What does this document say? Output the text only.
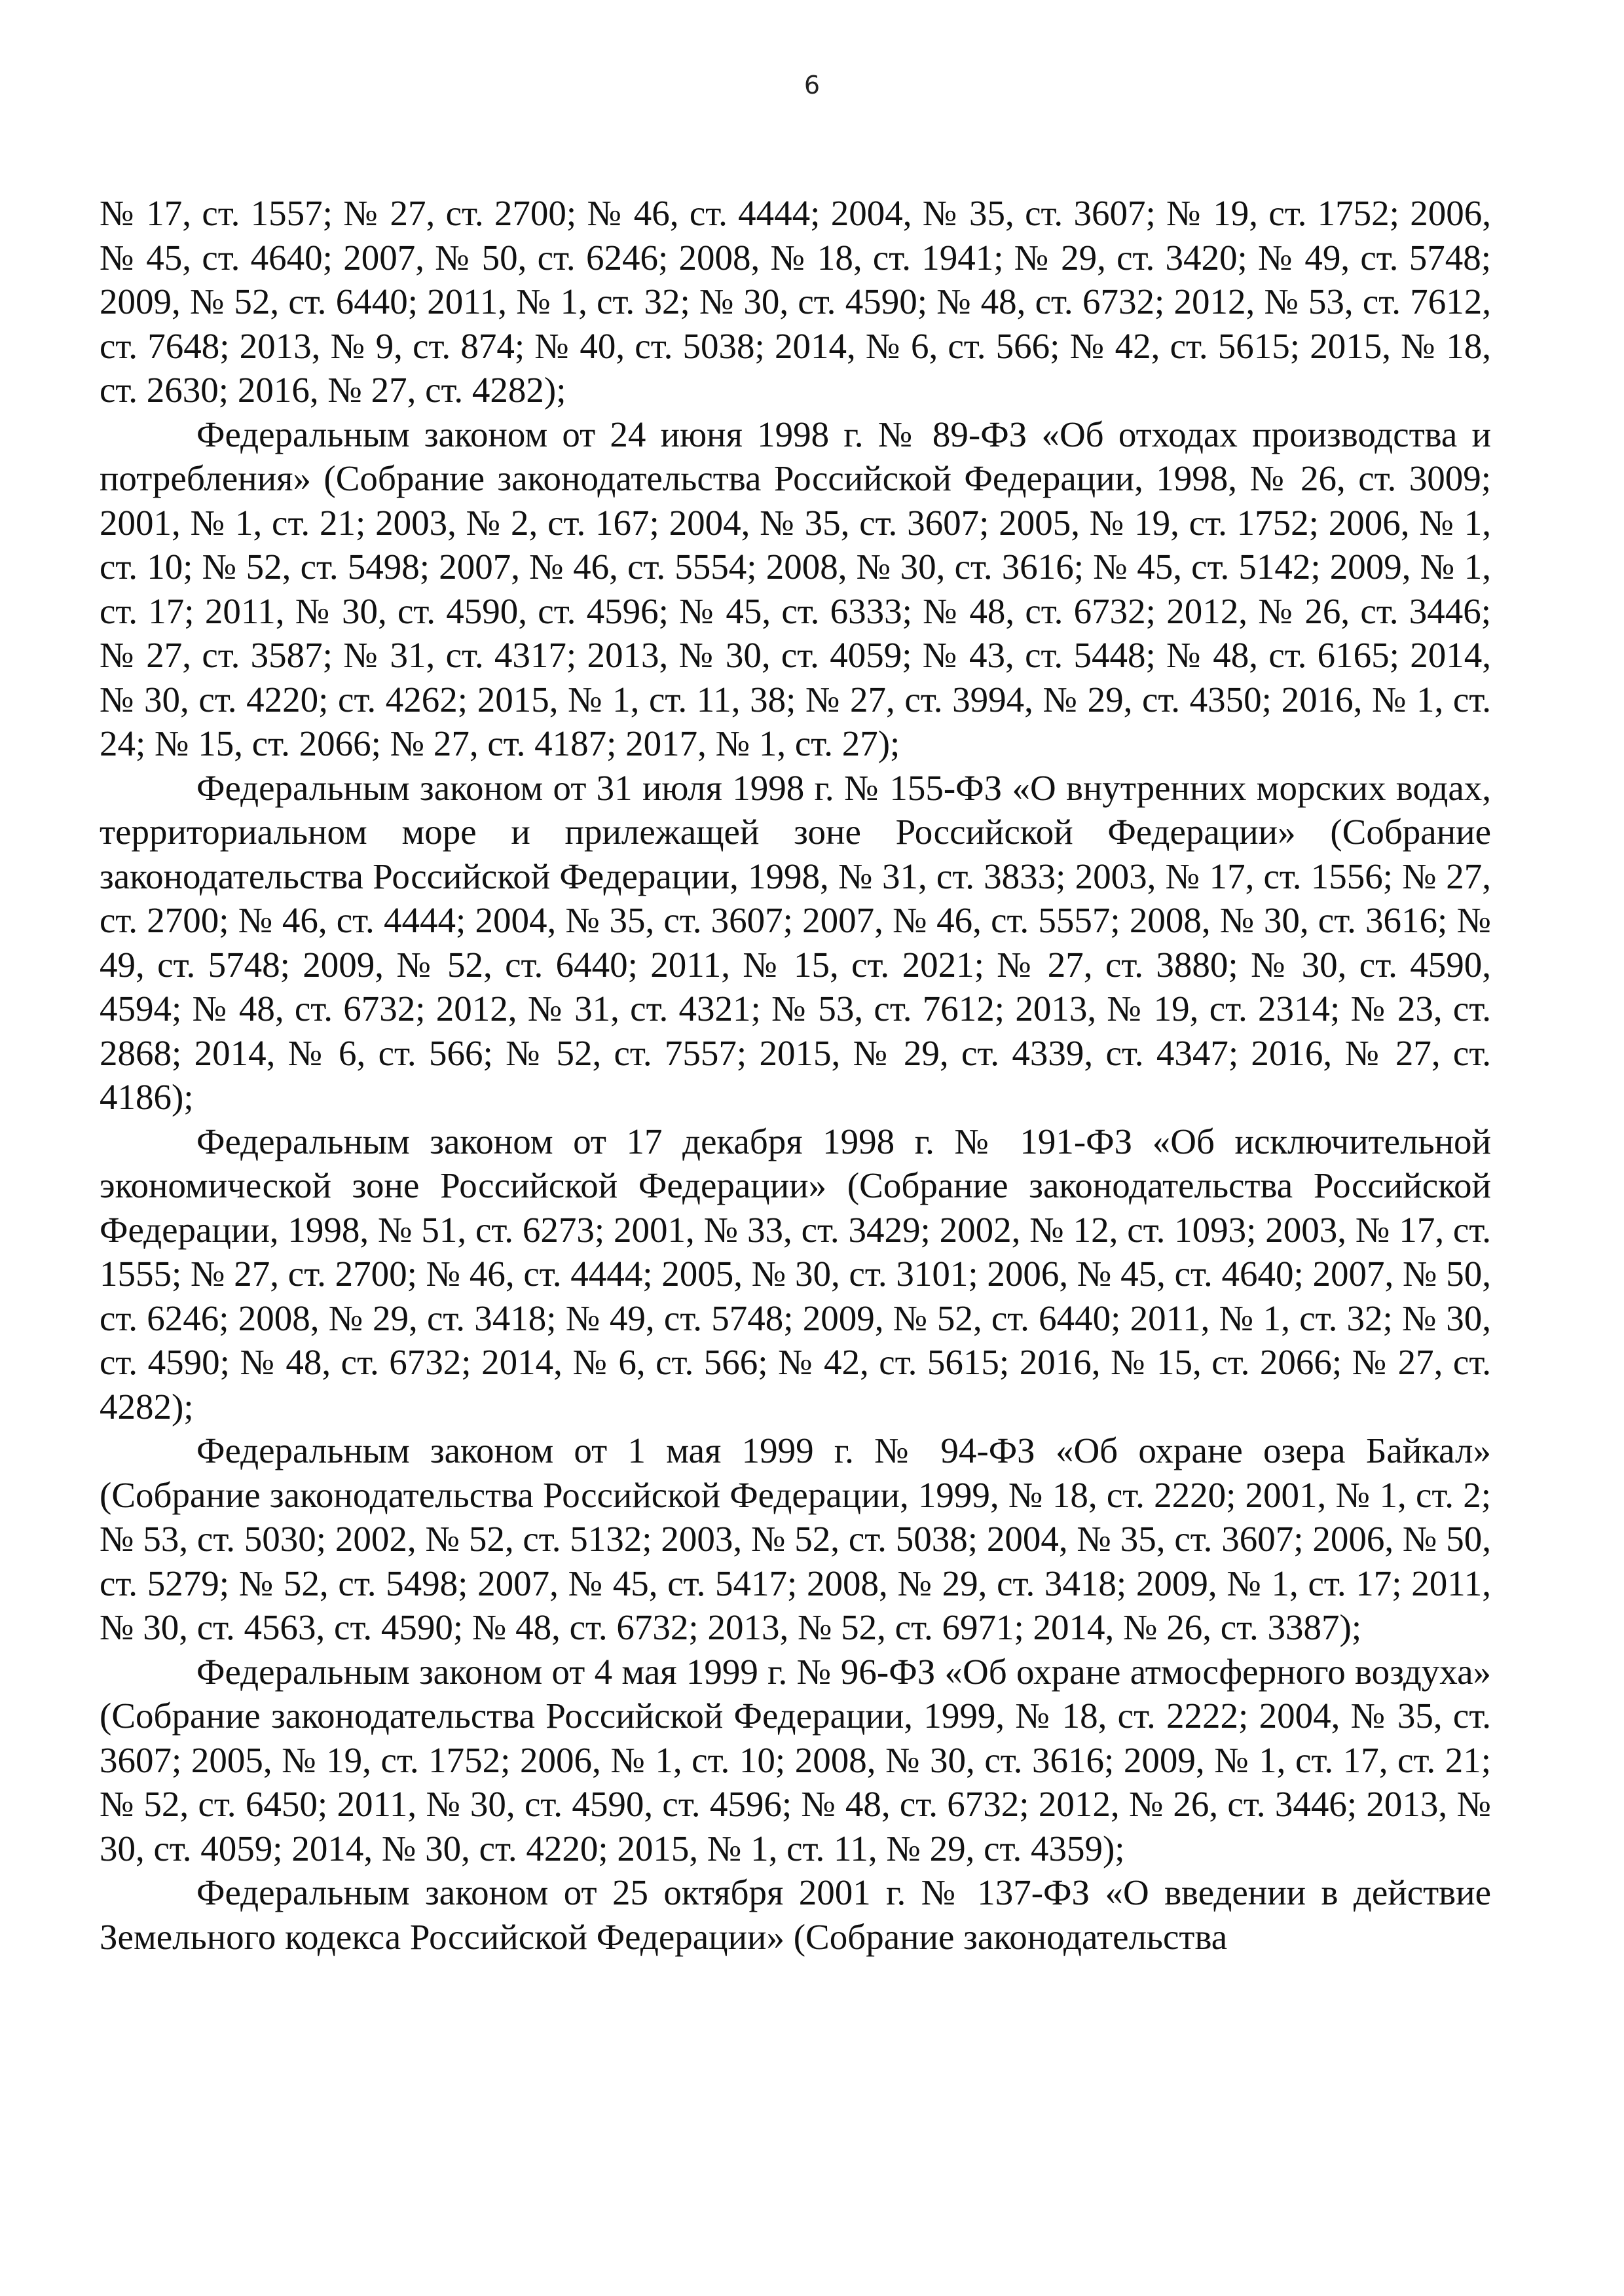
6

№ 17, ст. 1557; № 27, ст. 2700; № 46, ст. 4444; 2004, № 35, ст. 3607; № 19, ст. 1752; 2006, № 45, ст. 4640; 2007, № 50, ст. 6246; 2008, № 18, ст. 1941; № 29, ст. 3420; № 49, ст. 5748; 2009, № 52, ст. 6440; 2011, № 1, ст. 32; № 30, ст. 4590; № 48, ст. 6732; 2012, № 53, ст. 7612, ст. 7648; 2013, № 9, ст. 874; № 40, ст. 5038; 2014, № 6, ст. 566; № 42, ст. 5615; 2015, № 18, ст. 2630; 2016, № 27, ст. 4282);

Федеральным законом от 24 июня 1998 г. № 89-ФЗ «Об отходах производства и потребления» (Собрание законодательства Российской Федерации, 1998, № 26, ст. 3009; 2001, № 1, ст. 21; 2003, № 2, ст. 167; 2004, № 35, ст. 3607; 2005, № 19, ст. 1752; 2006, № 1, ст. 10; № 52, ст. 5498; 2007, № 46, ст. 5554; 2008, № 30, ст. 3616; № 45, ст. 5142; 2009, № 1, ст. 17; 2011, № 30, ст. 4590, ст. 4596; № 45, ст. 6333; № 48, ст. 6732; 2012, № 26, ст. 3446; № 27, ст. 3587; № 31, ст. 4317; 2013, № 30, ст. 4059; № 43, ст. 5448; № 48, ст. 6165; 2014, № 30, ст. 4220; ст. 4262; 2015, № 1, ст. 11, 38; № 27, ст. 3994, № 29, ст. 4350; 2016, № 1, ст. 24; № 15, ст. 2066; № 27, ст. 4187; 2017, № 1, ст. 27);

Федеральным законом от 31 июля 1998 г. № 155-ФЗ «О внутренних морских водах, территориальном море и прилежащей зоне Российской Федерации» (Собрание законодательства Российской Федерации, 1998, № 31, ст. 3833; 2003, № 17, ст. 1556; № 27, ст. 2700; № 46, ст. 4444; 2004, № 35, ст. 3607; 2007, № 46, ст. 5557; 2008, № 30, ст. 3616; № 49, ст. 5748; 2009, № 52, ст. 6440; 2011, № 15, ст. 2021; № 27, ст. 3880; № 30, ст. 4590, 4594; № 48, ст. 6732; 2012, № 31, ст. 4321; № 53, ст. 7612; 2013, № 19, ст. 2314; № 23, ст. 2868; 2014, № 6, ст. 566; № 52, ст. 7557; 2015, № 29, ст. 4339, ст. 4347; 2016, № 27, ст. 4186);

Федеральным законом от 17 декабря 1998 г. № 191-ФЗ «Об исключительной экономической зоне Российской Федерации» (Собрание законодательства Российской Федерации, 1998, № 51, ст. 6273; 2001, № 33, ст. 3429; 2002, № 12, ст. 1093; 2003, № 17, ст. 1555; № 27, ст. 2700; № 46, ст. 4444; 2005, № 30, ст. 3101; 2006, № 45, ст. 4640; 2007, № 50, ст. 6246; 2008, № 29, ст. 3418; № 49, ст. 5748; 2009, № 52, ст. 6440; 2011, № 1, ст. 32; № 30, ст. 4590; № 48, ст. 6732; 2014, № 6, ст. 566; № 42, ст. 5615; 2016, № 15, ст. 2066; № 27, ст. 4282);

Федеральным законом от 1 мая 1999 г. № 94-ФЗ «Об охране озера Байкал» (Собрание законодательства Российской Федерации, 1999, № 18, ст. 2220; 2001, № 1, ст. 2; № 53, ст. 5030; 2002, № 52, ст. 5132; 2003, № 52, ст. 5038; 2004, № 35, ст. 3607; 2006, № 50, ст. 5279; № 52, ст. 5498; 2007, № 45, ст. 5417; 2008, № 29, ст. 3418; 2009, № 1, ст. 17; 2011, № 30, ст. 4563, ст. 4590; № 48, ст. 6732; 2013, № 52, ст. 6971; 2014, № 26, ст. 3387);

Федеральным законом от 4 мая 1999 г. № 96-ФЗ «Об охране атмосферного воздуха» (Собрание законодательства Российской Федерации, 1999, № 18, ст. 2222; 2004, № 35, ст. 3607; 2005, № 19, ст. 1752; 2006, № 1, ст. 10; 2008, № 30, ст. 3616; 2009, № 1, ст. 17, ст. 21; № 52, ст. 6450; 2011, № 30, ст. 4590, ст. 4596; № 48, ст. 6732; 2012, № 26, ст. 3446; 2013, № 30, ст. 4059; 2014, № 30, ст. 4220; 2015, № 1, ст. 11, № 29, ст. 4359);

Федеральным законом от 25 октября 2001 г. № 137-ФЗ «О введении в действие Земельного кодекса Российской Федерации» (Собрание законодательства
